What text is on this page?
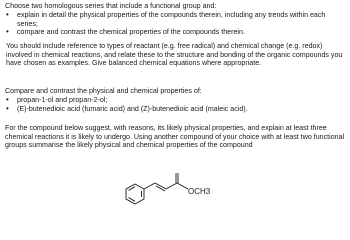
Choose two homologous series that include a functional group and:

• explain in detail the physical properties of the compounds therein, including any trends within each series;
• compare and contrast the chemical properties of the compounds therein.

You should include reference to types of reactant (e.g. free radical) and chemical change (e.g. redox) involved in chemical reactions, and relate these to the structure and bonding of the organic compounds you have chosen as examples. Give balanced chemical equations where appropriate.

Compare and contrast the physical and chemical properties of:

• propan-1-ol and propan-2-ol;
• (E)-butenedioic acid (fumaric acid) and (Z)-butenedioic acid (maleic acid).

For the compound below suggest, with reasons, its likely physical properties, and explain at least three chemical reactions it is likely to undergo. Using another compound of your choice with at least two functional groups summarise the likely physical and chemical properties of the compound

OCH3
